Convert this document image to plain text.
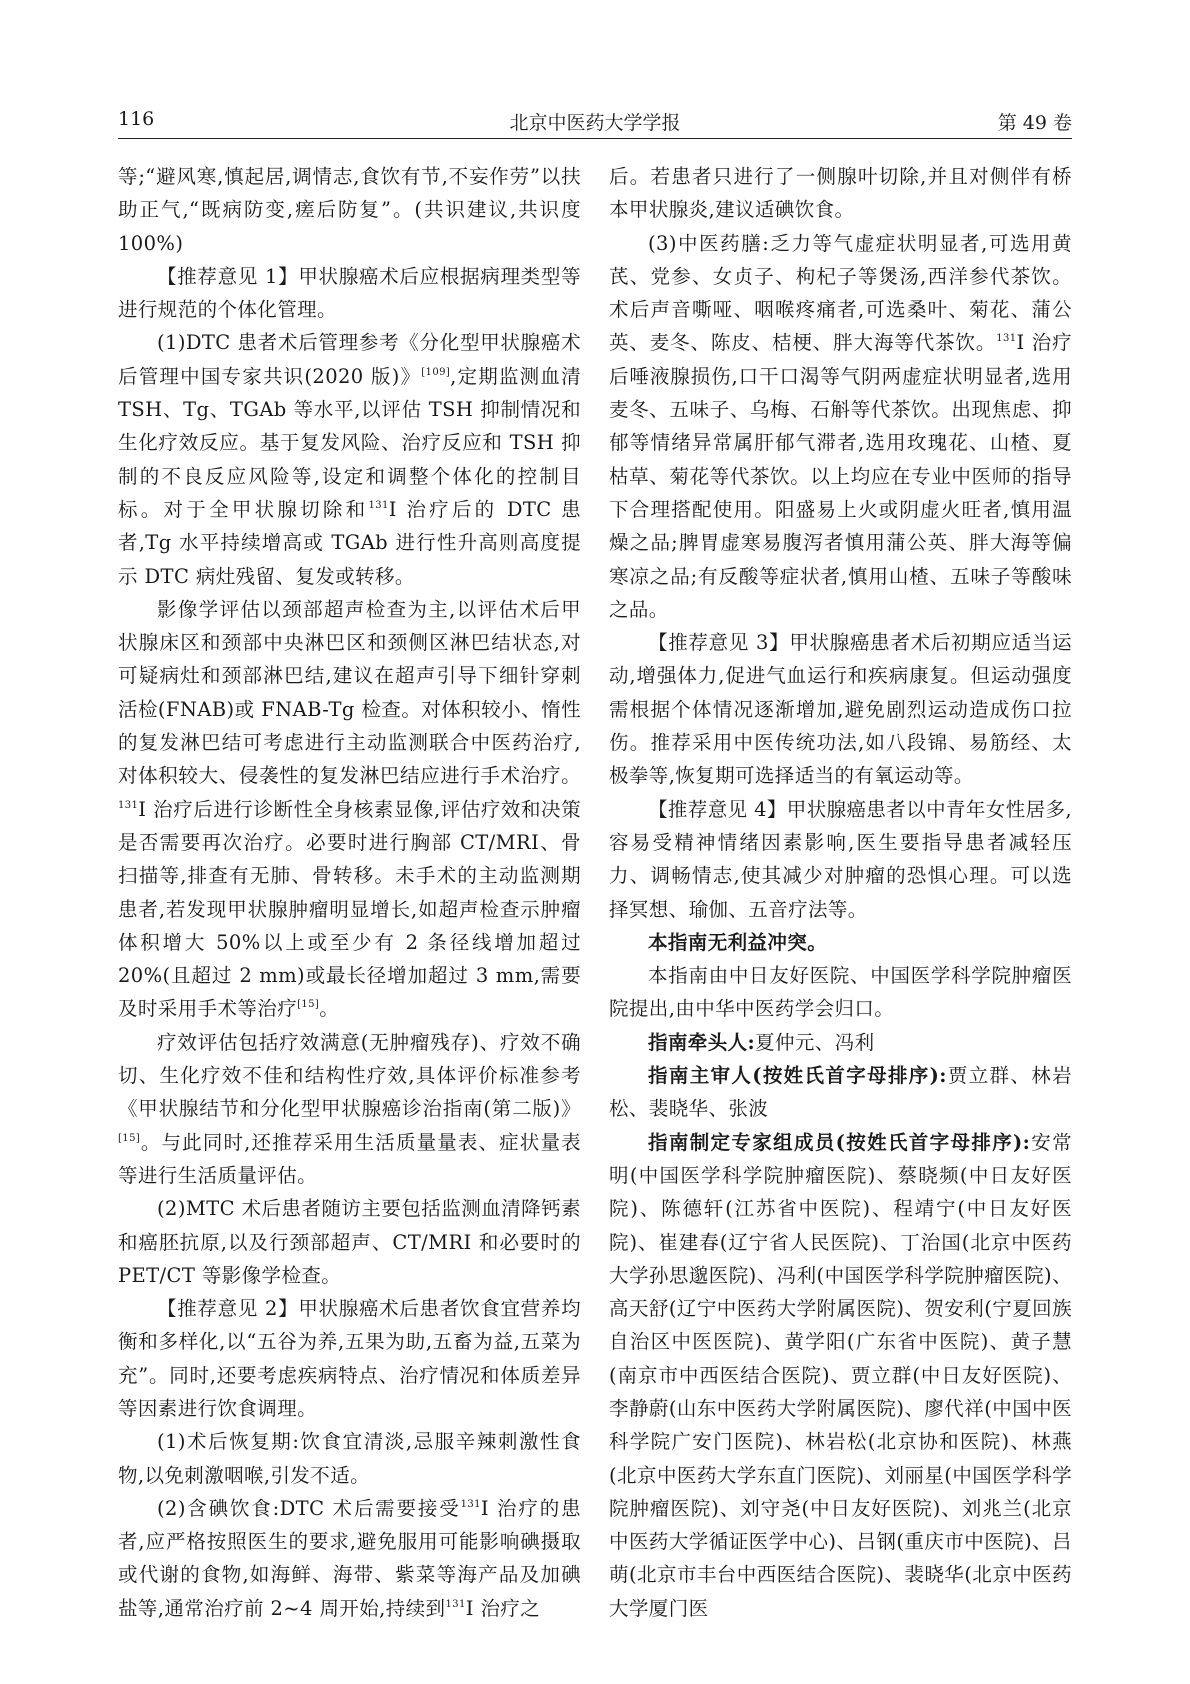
116	北京中医药大学学报	第 49 卷

等;“避风寒,慎起居,调情志,食饮有节,不妄作劳”以扶助正气,“既病防变,瘥后防复”。(共识建议,共识度 100%)

【推荐意见 1】甲状腺癌术后应根据病理类型等进行规范的个体化管理。

(1)DTC 患者术后管理参考《分化型甲状腺癌术后管理中国专家共识(2020 版)》[109],定期监测血清 TSH、Tg、TGAb 等水平,以评估 TSH 抑制情况和生化疗效反应。基于复发风险、治疗反应和 TSH 抑制的不良反应风险等,设定和调整个体化的控制目标。对于全甲状腺切除和$^{131}$I 治疗后的 DTC 患者,Tg 水平持续增高或 TGAb 进行性升高则高度提示 DTC 病灶残留、复发或转移。

影像学评估以颈部超声检查为主,以评估术后甲状腺床区和颈部中央淋巴区和颈侧区淋巴结状态,对可疑病灶和颈部淋巴结,建议在超声引导下细针穿刺活检(FNAB)或 FNAB-Tg 检查。对体积较小、惰性的复发淋巴结可考虑进行主动监测联合中医药治疗,对体积较大、侵袭性的复发淋巴结应进行手术治疗。$^{131}$I 治疗后进行诊断性全身核素显像,评估疗效和决策是否需要再次治疗。必要时进行胸部 CT/MRI、骨扫描等,排查有无肺、骨转移。未手术的主动监测期患者,若发现甲状腺肿瘤明显增长,如超声检查示肿瘤体积增大 50%以上或至少有 2 条径线增加超过 20%(且超过 2 mm)或最长径增加超过 3 mm,需要及时采用手术等治疗[15]。

疗效评估包括疗效满意(无肿瘤残存)、疗效不确切、生化疗效不佳和结构性疗效,具体评价标准参考《甲状腺结节和分化型甲状腺癌诊治指南(第二版)》[15]。与此同时,还推荐采用生活质量量表、症状量表等进行生活质量评估。

(2)MTC 术后患者随访主要包括监测血清降钙素和癌胚抗原,以及行颈部超声、CT/MRI 和必要时的 PET/CT 等影像学检查。

【推荐意见 2】甲状腺癌术后患者饮食宜营养均衡和多样化,以“五谷为养,五果为助,五畜为益,五菜为充”。同时,还要考虑疾病特点、治疗情况和体质差异等因素进行饮食调理。

(1)术后恢复期:饮食宜清淡,忌服辛辣刺激性食物,以免刺激咽喉,引发不适。

(2)含碘饮食:DTC 术后需要接受$^{131}$I 治疗的患者,应严格按照医生的要求,避免服用可能影响碘摄取或代谢的食物,如海鲜、海带、紫菜等海产品及加碘盐等,通常治疗前 2~4 周开始,持续到$^{131}$I 治疗之

后。若患者只进行了一侧腺叶切除,并且对侧伴有桥本甲状腺炎,建议适碘饮食。

(3)中医药膳:乏力等气虚症状明显者,可选用黄芪、党参、女贞子、枸杞子等煲汤,西洋参代茶饮。术后声音嘶哑、咽喉疼痛者,可选桑叶、菊花、蒲公英、麦冬、陈皮、桔梗、胖大海等代茶饮。$^{131}$I 治疗后唾液腺损伤,口干口渴等气阴两虚症状明显者,选用麦冬、五味子、乌梅、石斛等代茶饮。出现焦虑、抑郁等情绪异常属肝郁气滞者,选用玫瑰花、山楂、夏枯草、菊花等代茶饮。以上均应在专业中医师的指导下合理搭配使用。阳盛易上火或阴虚火旺者,慎用温燥之品;脾胃虚寒易腹泻者慎用蒲公英、胖大海等偏寒凉之品;有反酸等症状者,慎用山楂、五味子等酸味之品。

【推荐意见 3】甲状腺癌患者术后初期应适当运动,增强体力,促进气血运行和疾病康复。但运动强度需根据个体情况逐渐增加,避免剧烈运动造成伤口拉伤。推荐采用中医传统功法,如八段锦、易筋经、太极拳等,恢复期可选择适当的有氧运动等。

【推荐意见 4】甲状腺癌患者以中青年女性居多,容易受精神情绪因素影响,医生要指导患者减轻压力、调畅情志,使其减少对肿瘤的恐惧心理。可以选择冥想、瑜伽、五音疗法等。

本指南无利益冲突。

本指南由中日友好医院、中国医学科学院肿瘤医院提出,由中华中医药学会归口。

指南牵头人:夏仲元、冯利

指南主审人(按姓氏首字母排序):贾立群、林岩松、裴晓华、张波

指南制定专家组成员(按姓氏首字母排序):安常明(中国医学科学院肿瘤医院)、蔡晓频(中日友好医院)、陈德轩(江苏省中医院)、程靖宁(中日友好医院)、崔建春(辽宁省人民医院)、丁治国(北京中医药大学孙思邈医院)、冯利(中国医学科学院肿瘤医院)、高天舒(辽宁中医药大学附属医院)、贺安利(宁夏回族自治区中医医院)、黄学阳(广东省中医院)、黄子慧(南京市中西医结合医院)、贾立群(中日友好医院)、李静蔚(山东中医药大学附属医院)、廖代祥(中国中医科学院广安门医院)、林岩松(北京协和医院)、林燕(北京中医药大学东直门医院)、刘丽星(中国医学科学院肿瘤医院)、刘守尧(中日友好医院)、刘兆兰(北京中医药大学循证医学中心)、吕钢(重庆市中医院)、吕萌(北京市丰台中西医结合医院)、裴晓华(北京中医药大学厦门医
